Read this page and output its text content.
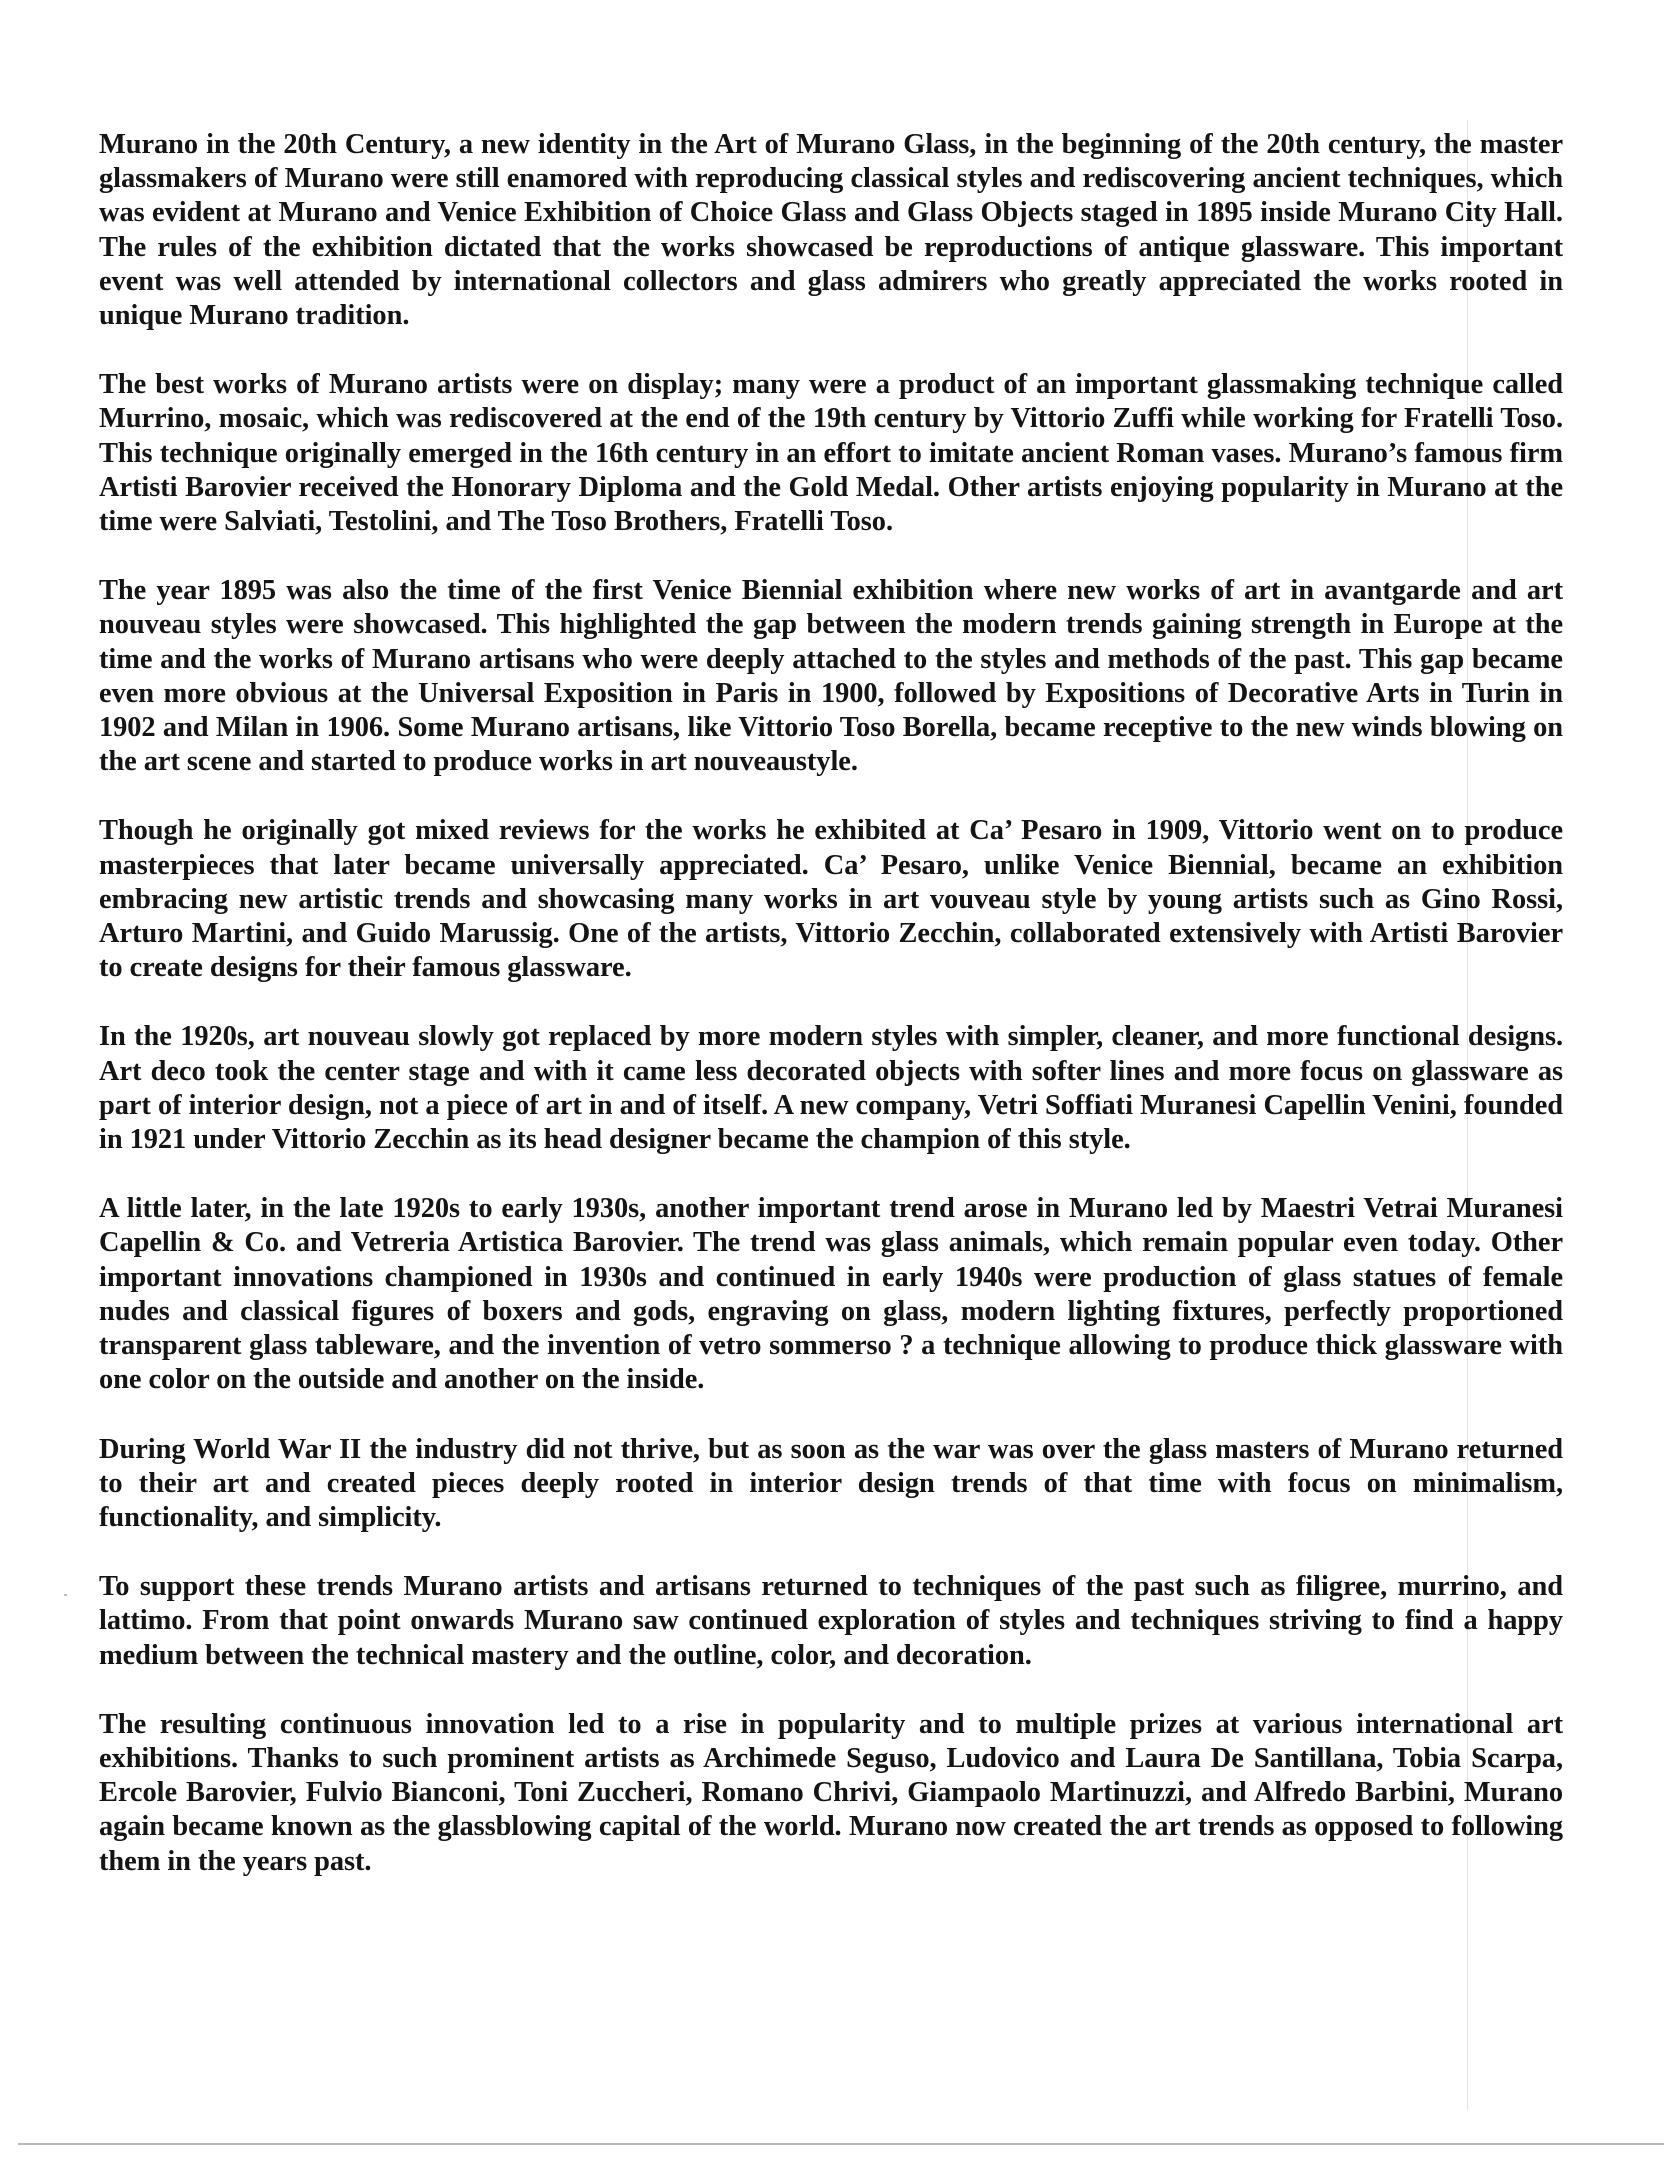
Murano in the 20th Century, a new identity in the Art of Murano Glass, in the beginning of the 20th century, the master glassmakers of Murano were still enamored with reproducing classical styles and rediscovering ancient techniques, which was evident at Murano and Venice Exhibition of Choice Glass and Glass Objects staged in 1895 inside Murano City Hall. The rules of the exhibition dictated that the works showcased be reproductions of antique glassware. This important event was well attended by international collectors and glass admirers who greatly appreciated the works rooted in unique Murano tradition.

The best works of Murano artists were on display; many were a product of an important glassmaking technique called Murrino, mosaic, which was rediscovered at the end of the 19th century by Vittorio Zuffi while working for Fratelli Toso. This technique originally emerged in the 16th century in an effort to imitate ancient Roman vases. Murano’s famous firm Artisti Barovier received the Honorary Diploma and the Gold Medal. Other artists enjoying popularity in Murano at the time were Salviati, Testolini, and The Toso Brothers, Fratelli Toso.

The year 1895 was also the time of the first Venice Biennial exhibition where new works of art in avantgarde and art nouveau styles were showcased. This highlighted the gap between the modern trends gaining strength in Europe at the time and the works of Murano artisans who were deeply attached to the styles and methods of the past. This gap became even more obvious at the Universal Exposition in Paris in 1900, followed by Expositions of Decorative Arts in Turin in 1902 and Milan in 1906. Some Murano artisans, like Vittorio Toso Borella, became receptive to the new winds blowing on the art scene and started to produce works in art nouveaustyle.

Though he originally got mixed reviews for the works he exhibited at Ca’ Pesaro in 1909, Vittorio went on to produce masterpieces that later became universally appreciated. Ca’ Pesaro, unlike Venice Biennial, became an exhibition embracing new artistic trends and showcasing many works in art vouveau style by young artists such as Gino Rossi, Arturo Martini, and Guido Marussig. One of the artists, Vittorio Zecchin, collaborated extensively with Artisti Barovier to create designs for their famous glassware.

In the 1920s, art nouveau slowly got replaced by more modern styles with simpler, cleaner, and more functional designs. Art deco took the center stage and with it came less decorated objects with softer lines and more focus on glassware as part of interior design, not a piece of art in and of itself. A new company, Vetri Soffiati Muranesi Capellin Venini, founded in 1921 under Vittorio Zecchin as its head designer became the champion of this style.

A little later, in the late 1920s to early 1930s, another important trend arose in Murano led by Maestri Vetrai Muranesi Capellin & Co. and Vetreria Artistica Barovier. The trend was glass animals, which remain popular even today. Other important innovations championed in 1930s and continued in early 1940s were production of glass statues of female nudes and classical figures of boxers and gods, engraving on glass, modern lighting fixtures, perfectly proportioned transparent glass tableware, and the invention of vetro sommerso ? a technique allowing to produce thick glassware with one color on the outside and another on the inside.

During World War II the industry did not thrive, but as soon as the war was over the glass masters of Murano returned to their art and created pieces deeply rooted in interior design trends of that time with focus on minimalism, functionality, and simplicity.

To support these trends Murano artists and artisans returned to techniques of the past such as filigree, murrino, and lattimo. From that point onwards Murano saw continued exploration of styles and techniques striving to find a happy medium between the technical mastery and the outline, color, and decoration.

The resulting continuous innovation led to a rise in popularity and to multiple prizes at various international art exhibitions. Thanks to such prominent artists as Archimede Seguso, Ludovico and Laura De Santillana, Tobia Scarpa, Ercole Barovier, Fulvio Bianconi, Toni Zuccheri, Romano Chrivi, Giampaolo Martinuzzi, and Alfredo Barbini, Murano again became known as the glassblowing capital of the world. Murano now created the art trends as opposed to following them in the years past.
